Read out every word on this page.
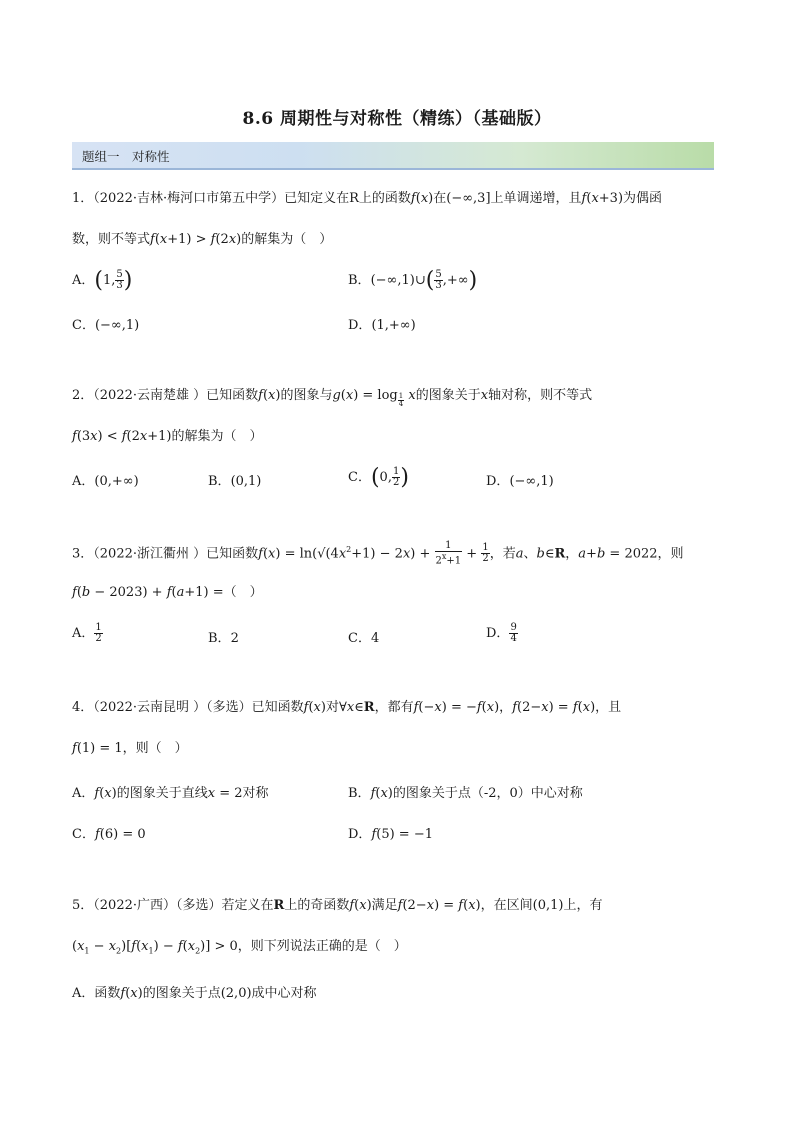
8.6 周期性与对称性（精练）（基础版）
题组一　对称性
1．（2022·吉林·梅河口市第五中学）已知定义在R上的函数f(x)在(−∞,3]上单调递增，且f(x+3)为偶函
数，则不等式f(x+1) > f(2x)的解集为（　）
A．(1, $\frac{5}{3}$ )	B．(−∞,1)∪( $\frac{5}{3}$ ,+∞)
C．(−∞,1)	D．(1,+∞)
2．（2022·云南楚雄 ）已知函数f(x)的图象与g(x) = log $_{\frac{1}{4}}$ x的图象关于x轴对称，则不等式
f(3x) < f(2x+1)的解集为（　）
A．(0,+∞)	B．(0,1)	C．(0, $\frac{1}{2}$ )	D．(−∞,1)
3．（2022·浙江衢州 ）已知函数$f(x) = \ln(√(4x^2+1) - 2x) + \frac{1}{2^x+1} + \frac{1}{2}$ ，若a、b∈R，a+b = 2022，则
f(b − 2023) + f(a+1) =（　）
A． $\frac{1}{2}$	B．2	C．4	D． $\frac{9}{4}$
4．（2022·云南昆明 ）（多选）已知函数f(x)对∀x∈R，都有f(−x) = −f(x)，f(2−x) = f(x)，且
f(1) = 1，则（　）
A．f(x)的图象关于直线x = 2对称	B．f(x)的图象关于点（-2，0）中心对称
C．f(6) = 0	D．f(5) = −1
5．（2022·广西）（多选）若定义在R上的奇函数f(x)满足f(2−x) = f(x)，在区间(0,1)上，有
$(x_1 - x_2)[f(x_1) - f(x_2)] > 0$，则下列说法正确的是（　）
A．函数f(x)的图象关于点(2,0)成中心对称
